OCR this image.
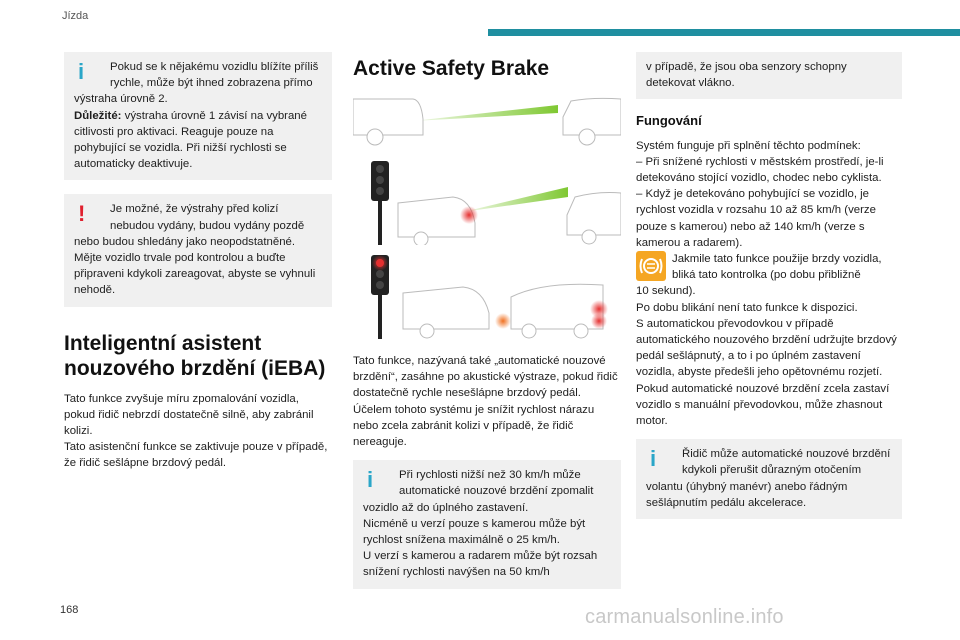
Jízda
i	Pokud se k nějakému vozidlu blížíte příliš

rychle, může být ihned zobrazena přímo

výstraha úrovně 2.

Důležité: výstraha úrovně 1 závisí na vybrané citlivosti pro aktivaci. Reaguje pouze na pohybující se vozidla. Při nižší rychlosti se automaticky deaktivuje.

!	Je možné, že výstrahy před kolizí

nebudou vydány, budou vydány pozdě

nebo budou shledány jako neopodstatněné. Mějte vozidlo trvale pod kontrolou a buďte připraveni kdykoli zareagovat, abyste se vyhnuli nehodě.

Inteligentní asistent nouzového brzdění (iEBA)

Tato funkce zvyšuje míru zpomalování vozidla, pokud řidič nebrzdí dostatečně silně, aby zabránil kolizi.

Tato asistenční funkce se zaktivuje pouze v případě, že řidič sešlápne brzdový pedál.

Active Safety Brake

Tato funkce, nazývaná také „automatické nouzové brzdění“, zasáhne po akustické výstraze, pokud řidič dostatečně rychle nesešlápne brzdový pedál.

Účelem tohoto systému je snížit rychlost nárazu nebo zcela zabránit kolizi v případě, že řidič nereaguje.

i	Při rychlosti nižší než 30 km/h může

automatické nouzové brzdění zpomalit

vozidlo až do úplného zastavení.

Nicméně u verzí pouze s kamerou může být rychlost snížena maximálně o 25 km/h.

U verzí s kamerou a radarem může být rozsah snížení rychlosti navýšen na 50 km/h

v případě, že jsou oba senzory schopny detekovat vlákno.

Fungování

Systém funguje při splnění těchto podmínek:

– Při snížené rychlosti v městském prostředí, je-li detekováno stojící vozidlo, chodec nebo cyklista.

– Když je detekováno pohybující se vozidlo, je rychlost vozidla v rozsahu 10 až 85 km/h (verze pouze s kamerou) nebo až 140 km/h (verze s kamerou a radarem).

Jakmile tato funkce použije brzdy vozidla,

bliká tato kontrolka (po dobu přibližně

10 sekund).

Po dobu blikání není tato funkce k dispozici.

S automatickou převodovkou v případě automatického nouzového brzdění udržujte brzdový pedál sešlápnutý, a to i po úplném zastavení vozidla, abyste předešli jeho opětovnému rozjetí.

Pokud automatické nouzové brzdění zcela zastaví vozidlo s manuální převodovkou, může zhasnout motor.

i	Řidič může automatické nouzové brzdění

kdykoli přerušit důrazným otočením

volantu (úhybný manévr) anebo řádným sešlápnutím pedálu akcelerace.

168	carmanualsonline.info
